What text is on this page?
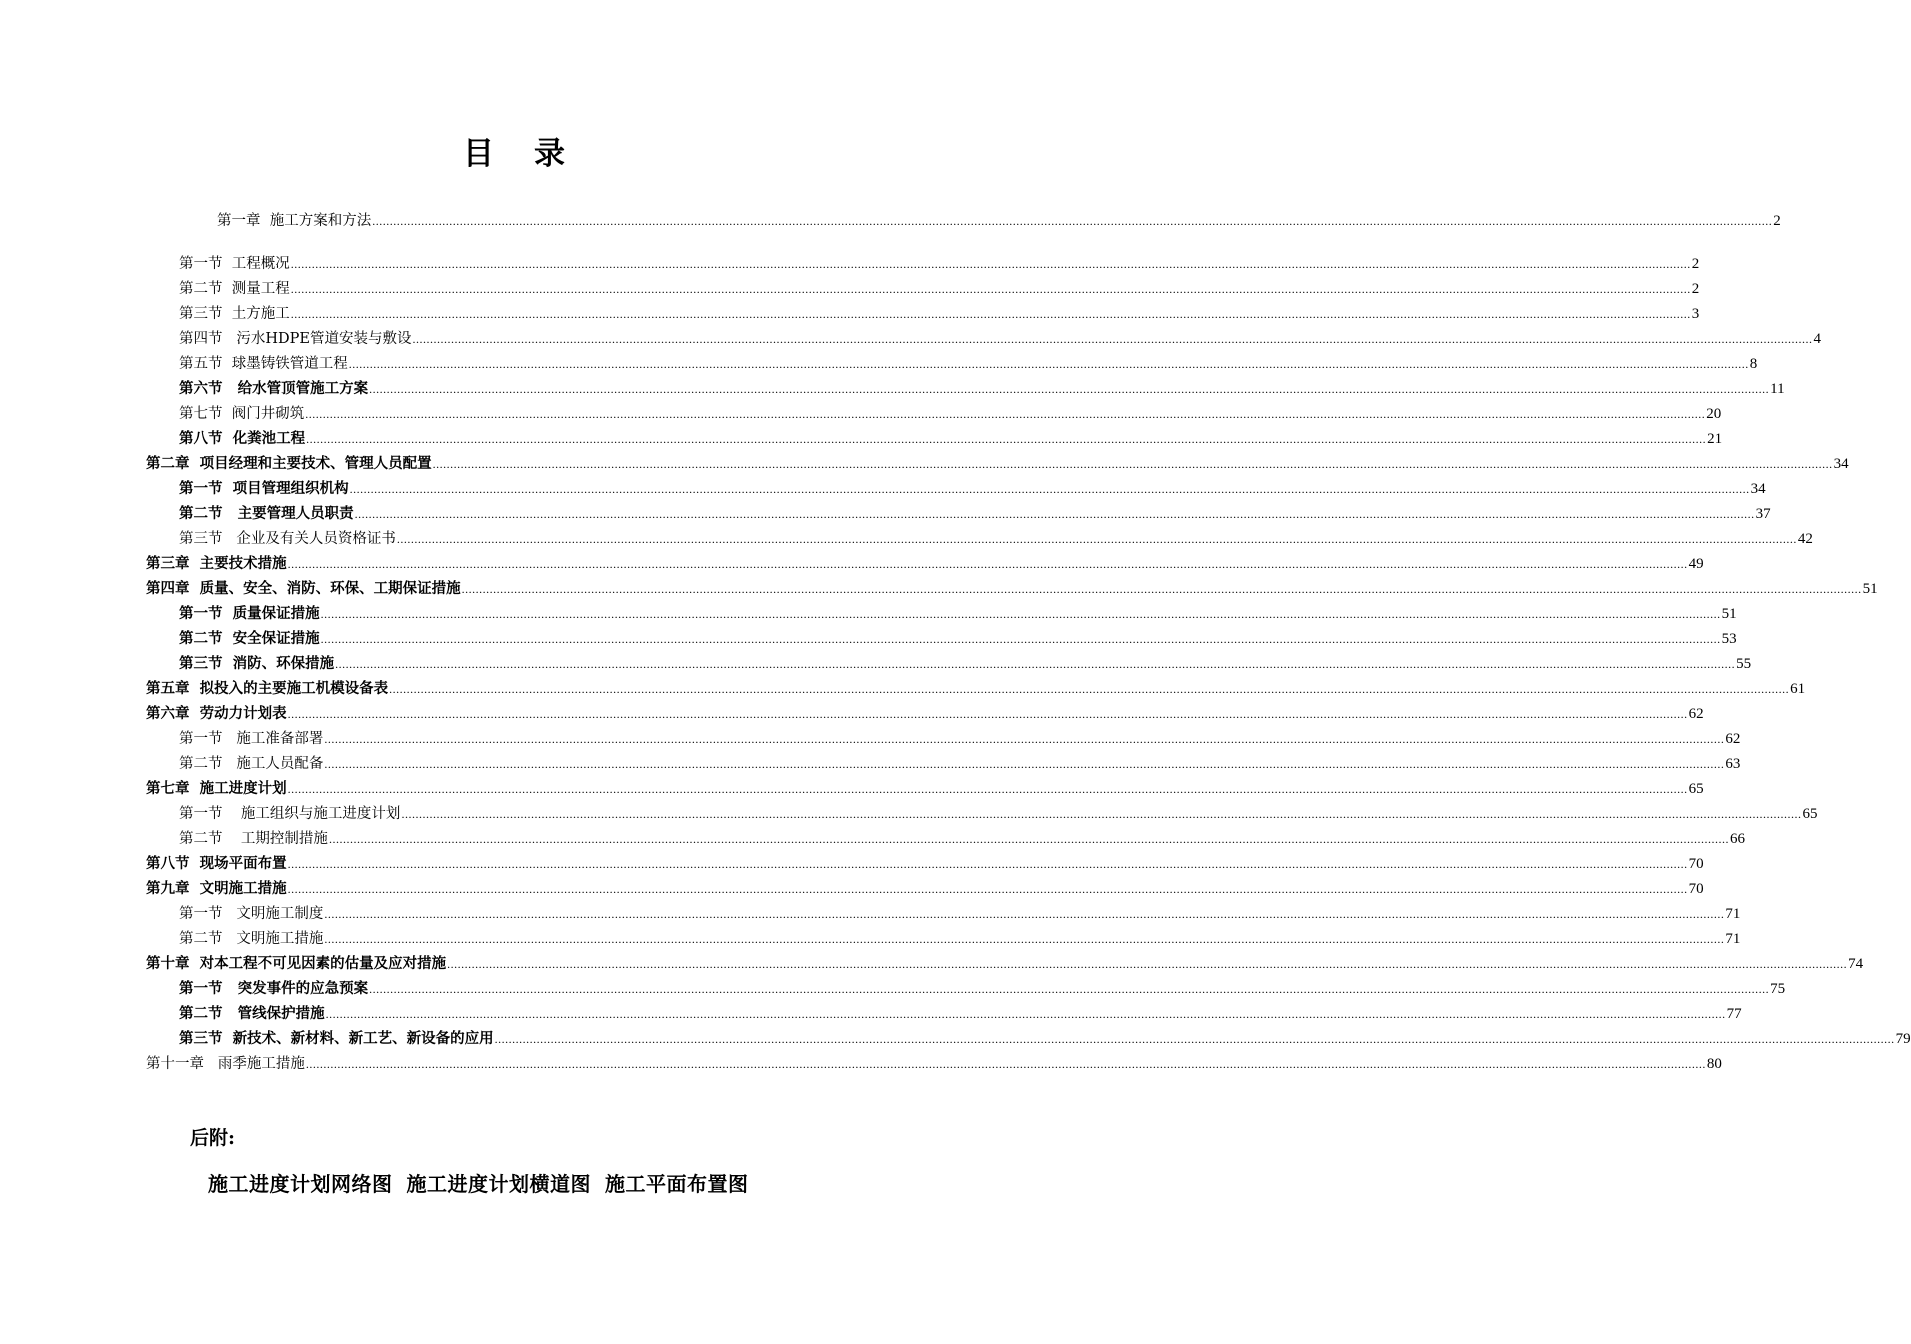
目 录
第一章  施工方案和方法 ................................................................................................................................................................................................................................................................................................................................................................................................................ 2
第一节  工程概况 ................................................................................................................................................................................................................................................................................................................................................................................................................ 2
第二节  测量工程 ................................................................................................................................................................................................................................................................................................................................................................................................................ 2
第三节  土方施工 ................................................................................................................................................................................................................................................................................................................................................................................................................ 3
第四节   污水HDPE管道安装与敷设 ................................................................................................................................................................................................................................................................................................................................................................................................................ 4
第五节  球墨铸铁管道工程 ................................................................................................................................................................................................................................................................................................................................................................................................................ 8
第六节   给水管顶管施工方案 ................................................................................................................................................................................................................................................................................................................................................................................................................ 11
第七节  阀门井砌筑 ................................................................................................................................................................................................................................................................................................................................................................................................................ 20
第八节  化粪池工程 ................................................................................................................................................................................................................................................................................................................................................................................................................ 21
第二章  项目经理和主要技术、管理人员配置 ................................................................................................................................................................................................................................................................................................................................................................................................................ 34
第一节  项目管理组织机构 ................................................................................................................................................................................................................................................................................................................................................................................................................ 34
第二节   主要管理人员职责 ................................................................................................................................................................................................................................................................................................................................................................................................................ 37
第三节   企业及有关人员资格证书 ................................................................................................................................................................................................................................................................................................................................................................................................................ 42
第三章  主要技术措施 ................................................................................................................................................................................................................................................................................................................................................................................................................ 49
第四章  质量、安全、消防、环保、工期保证措施 ................................................................................................................................................................................................................................................................................................................................................................................................................ 51
第一节  质量保证措施 ................................................................................................................................................................................................................................................................................................................................................................................................................ 51
第二节  安全保证措施 ................................................................................................................................................................................................................................................................................................................................................................................................................ 53
第三节  消防、环保措施 ................................................................................................................................................................................................................................................................................................................................................................................................................ 55
第五章  拟投入的主要施工机模设备表 ................................................................................................................................................................................................................................................................................................................................................................................................................ 61
第六章  劳动力计划表 ................................................................................................................................................................................................................................................................................................................................................................................................................ 62
第一节   施工准备部署 ................................................................................................................................................................................................................................................................................................................................................................................................................ 62
第二节   施工人员配备 ................................................................................................................................................................................................................................................................................................................................................................................................................ 63
第七章  施工进度计划 ................................................................................................................................................................................................................................................................................................................................................................................................................ 65
第一节    施工组织与施工进度计划 ................................................................................................................................................................................................................................................................................................................................................................................................................ 65
第二节    工期控制措施 ................................................................................................................................................................................................................................................................................................................................................................................................................ 66
第八节  现场平面布置 ................................................................................................................................................................................................................................................................................................................................................................................................................ 70
第九章  文明施工措施 ................................................................................................................................................................................................................................................................................................................................................................................................................ 70
第一节   文明施工制度 ................................................................................................................................................................................................................................................................................................................................................................................................................ 71
第二节   文明施工措施 ................................................................................................................................................................................................................................................................................................................................................................................................................ 71
第十章  对本工程不可见因素的估量及应对措施 ................................................................................................................................................................................................................................................................................................................................................................................................................ 74
第一节   突发事件的应急预案 ................................................................................................................................................................................................................................................................................................................................................................................................................ 75
第二节   管线保护措施 ................................................................................................................................................................................................................................................................................................................................................................................................................ 77
第三节  新技术、新材料、新工艺、新设备的应用 ................................................................................................................................................................................................................................................................................................................................................................................................................ 79
第十一章   雨季施工措施 ................................................................................................................................................................................................................................................................................................................................................................................................................ 80
后附:
施工进度计划网络图 施工进度计划横道图 施工平面布置图
